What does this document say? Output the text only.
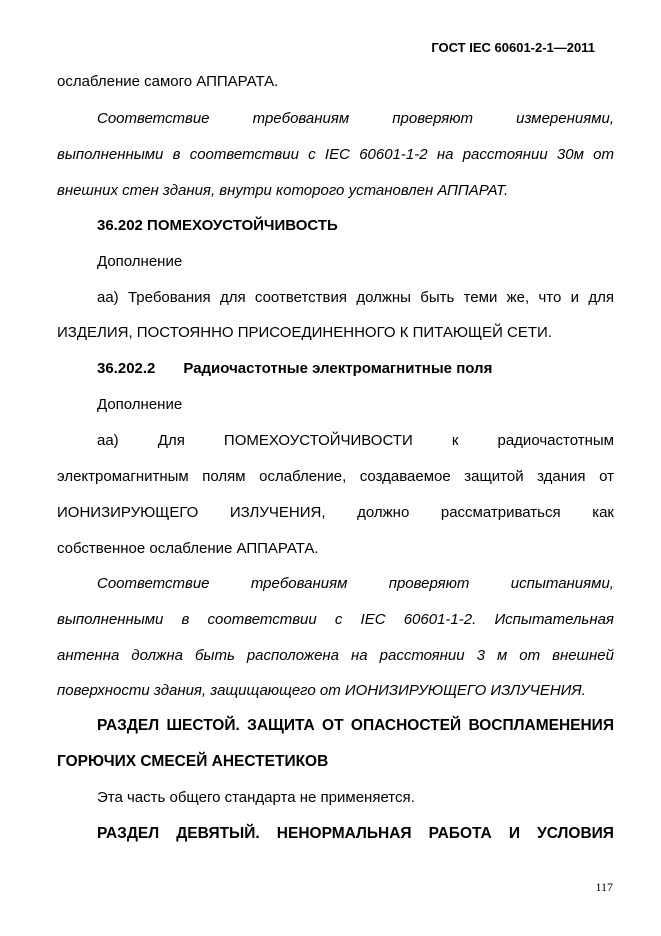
ГОСТ IEC 60601-2-1—2011
ослабление самого АППАРАТА.
Соответствие	требованиям	проверяют	измерениями,
выполненными в соответствии с IEC 60601-1-2 на расстоянии 30м от
внешних стен здания, внутри которого установлен АППАРАТ.
36.202 ПОМЕХОУСТОЙЧИВОСТЬ
Дополнение
аа) Требования для соответствия должны быть теми же, что и для
ИЗДЕЛИЯ, ПОСТОЯННО ПРИСОЕДИНЕННОГО К ПИТАЮЩЕЙ СЕТИ.
36.202.2 Радиочастотные электромагнитные поля
Дополнение
аа)	Для	ПОМЕХОУСТОЙЧИВОСТИ	к	радиочастотным
электромагнитным полям ослабление, создаваемое защитой здания от
ИОНИЗИРУЮЩЕГО ИЗЛУЧЕНИЯ, должно рассматриваться как
собственное ослабление АППАРАТА.
Соответствие	требованиям	проверяют	испытаниями,
выполненными в соответствии с IEC 60601-1-2. Испытательная
антенна должна быть расположена на расстоянии 3 м от внешней
поверхности здания, защищающего от ИОНИЗИРУЮЩЕГО ИЗЛУЧЕНИЯ.
РАЗДЕЛ ШЕСТОЙ. ЗАЩИТА ОТ ОПАСНОСТЕЙ ВОСПЛАМЕНЕНИЯ
ГОРЮЧИХ СМЕСЕЙ АНЕСТЕТИКОВ
Эта часть общего стандарта не применяется.
РАЗДЕЛ ДЕВЯТЫЙ. НЕНОРМАЛЬНАЯ РАБОТА И УСЛОВИЯ
117
